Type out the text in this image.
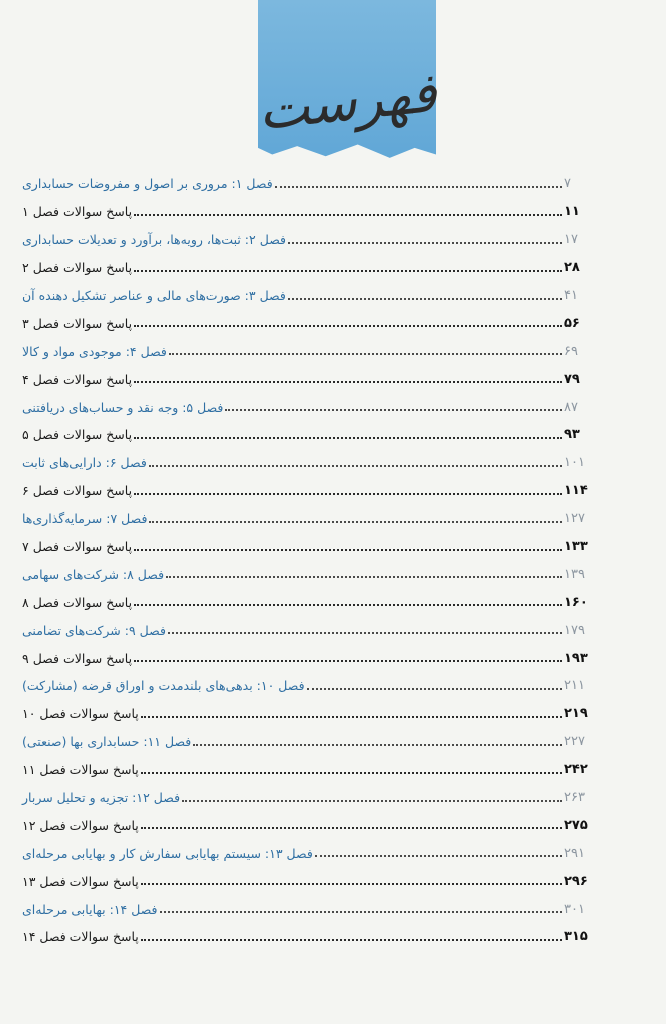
فهرست
فصل ۱: مروری بر اصول و مفروضات حسابداری	۷
پاسخ سوالات فصل ۱	۱۱
فصل ۲: ثبت‌ها، رویه‌ها، برآورد و تعدیلات حسابداری	۱۷
پاسخ سوالات فصل ۲	۲۸
فصل ۳: صورت‌های مالی و عناصر تشکیل دهنده آن	۴۱
پاسخ سوالات فصل ۳	۵۶
فصل ۴: موجودی مواد و کالا	۶۹
پاسخ سوالات فصل ۴	۷۹
فصل ۵: وجه نقد و حساب‌های دریافتنی	۸۷
پاسخ سوالات فصل ۵	۹۳
فصل ۶: دارایی‌های ثابت	۱۰۱
پاسخ سوالات فصل ۶	۱۱۴
فصل ۷: سرمایه‌گذاری‌ها	۱۲۷
پاسخ سوالات فصل ۷	۱۳۳
فصل ۸: شرکت‌های سهامی	۱۳۹
پاسخ سوالات فصل ۸	۱۶۰
فصل ۹: شرکت‌های تضامنی	۱۷۹
پاسخ سوالات فصل ۹	۱۹۳
فصل ۱۰: بدهی‌های بلندمدت و اوراق قرضه (مشارکت)	۲۱۱
پاسخ سوالات فصل ۱۰	۲۱۹
فصل ۱۱: حسابداری بها (صنعتی)	۲۲۷
پاسخ سوالات فصل ۱۱	۲۴۲
فصل ۱۲: تجزیه و تحلیل سربار	۲۶۳
پاسخ سوالات فصل ۱۲	۲۷۵
فصل ۱۳: سیستم بهایابی سفارش کار و بهایابی مرحله‌ای	۲۹۱
پاسخ سوالات فصل ۱۳	۲۹۶
فصل ۱۴: بهایابی مرحله‌ای	۳۰۱
پاسخ سوالات فصل ۱۴	۳۱۵
